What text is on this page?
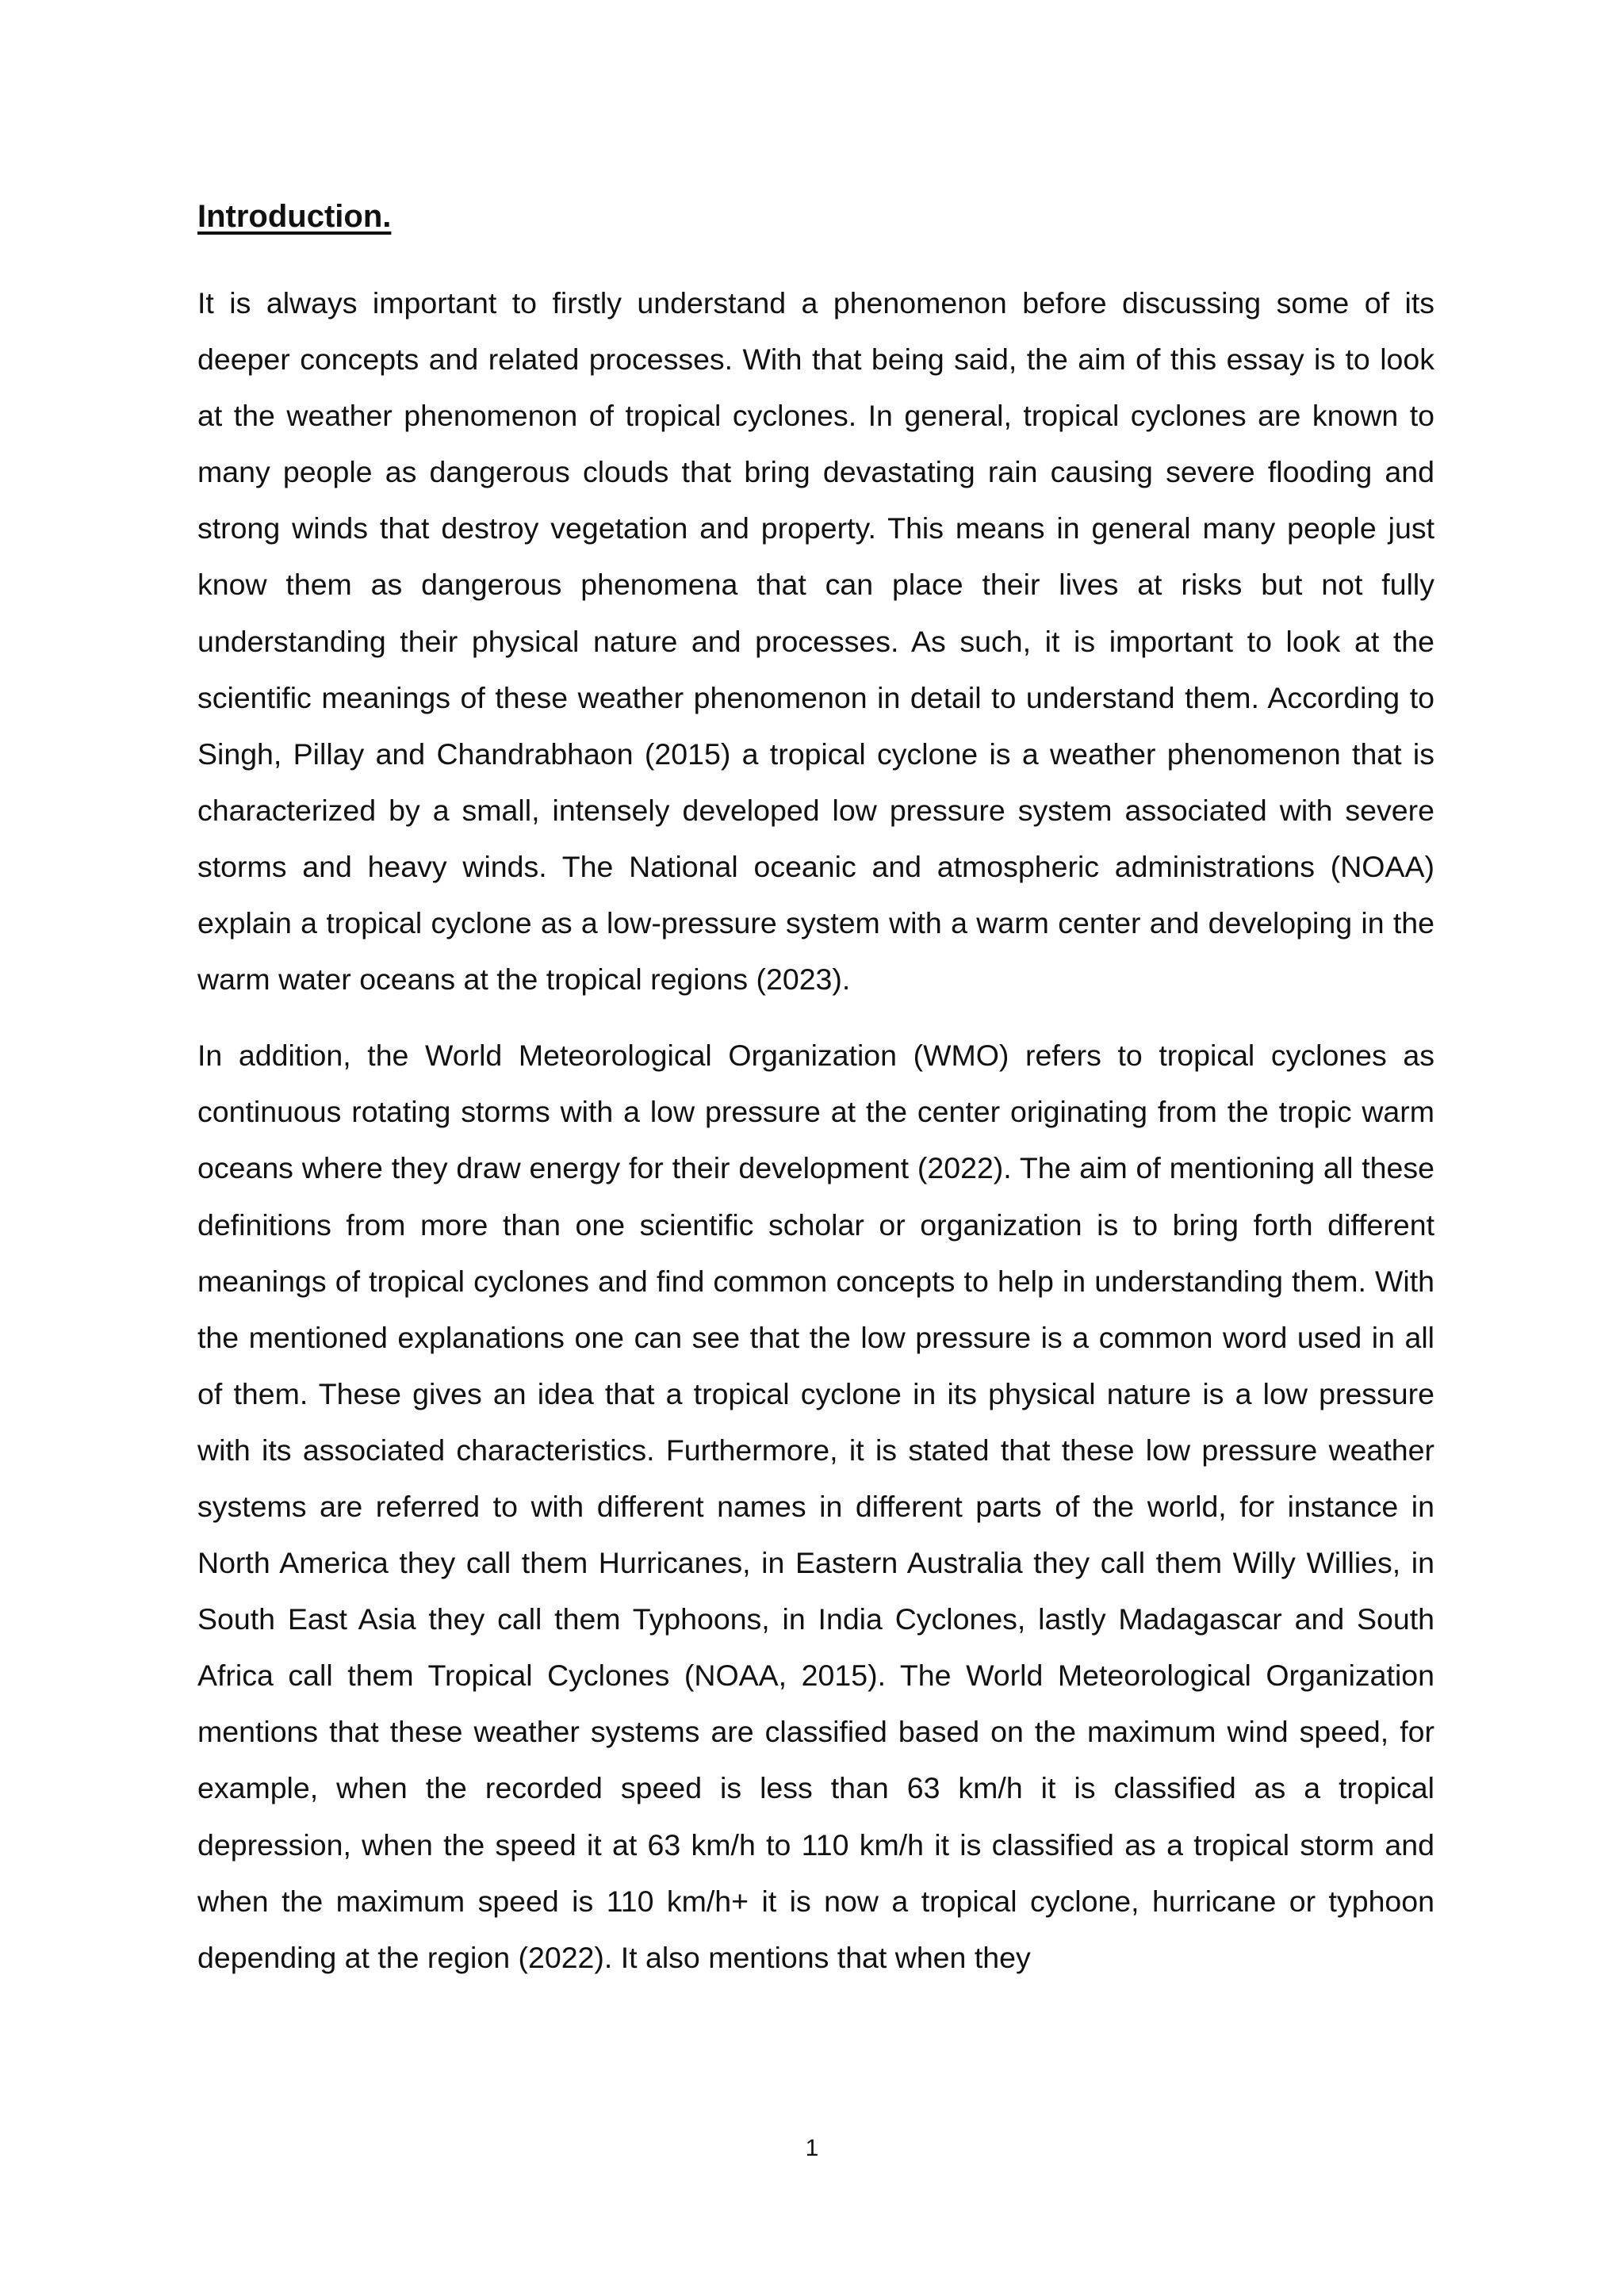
Introduction.

It is always important to firstly understand a phenomenon before discussing some of its deeper concepts and related processes. With that being said, the aim of this essay is to look at the weather phenomenon of tropical cyclones. In general, tropical cyclones are known to many people as dangerous clouds that bring devastating rain causing severe flooding and strong winds that destroy vegetation and property. This means in general many people just know them as dangerous phenomena that can place their lives at risks but not fully understanding their physical nature and processes. As such, it is important to look at the scientific meanings of these weather phenomenon in detail to understand them. According to Singh, Pillay and Chandrabhaon (2015) a tropical cyclone is a weather phenomenon that is characterized by a small, intensely developed low pressure system associated with severe storms and heavy winds. The National oceanic and atmospheric administrations (NOAA) explain a tropical cyclone as a low-pressure system with a warm center and developing in the warm water oceans at the tropical regions (2023).

In addition, the World Meteorological Organization (WMO) refers to tropical cyclones as continuous rotating storms with a low pressure at the center originating from the tropic warm oceans where they draw energy for their development (2022). The aim of mentioning all these definitions from more than one scientific scholar or organization is to bring forth different meanings of tropical cyclones and find common concepts to help in understanding them. With the mentioned explanations one can see that the low pressure is a common word used in all of them. These gives an idea that a tropical cyclone in its physical nature is a low pressure with its associated characteristics. Furthermore, it is stated that these low pressure weather systems are referred to with different names in different parts of the world, for instance in North America they call them Hurricanes, in Eastern Australia they call them Willy Willies, in South East Asia they call them Typhoons, in India Cyclones, lastly Madagascar and South Africa call them Tropical Cyclones (NOAA, 2015). The World Meteorological Organization mentions that these weather systems are classified based on the maximum wind speed, for example, when the recorded speed is less than 63 km/h it is classified as a tropical depression, when the speed it at 63 km/h to 110 km/h it is classified as a tropical storm and when the maximum speed is 110 km/h+ it is now a tropical cyclone, hurricane or typhoon depending at the region (2022). It also mentions that when they

1
